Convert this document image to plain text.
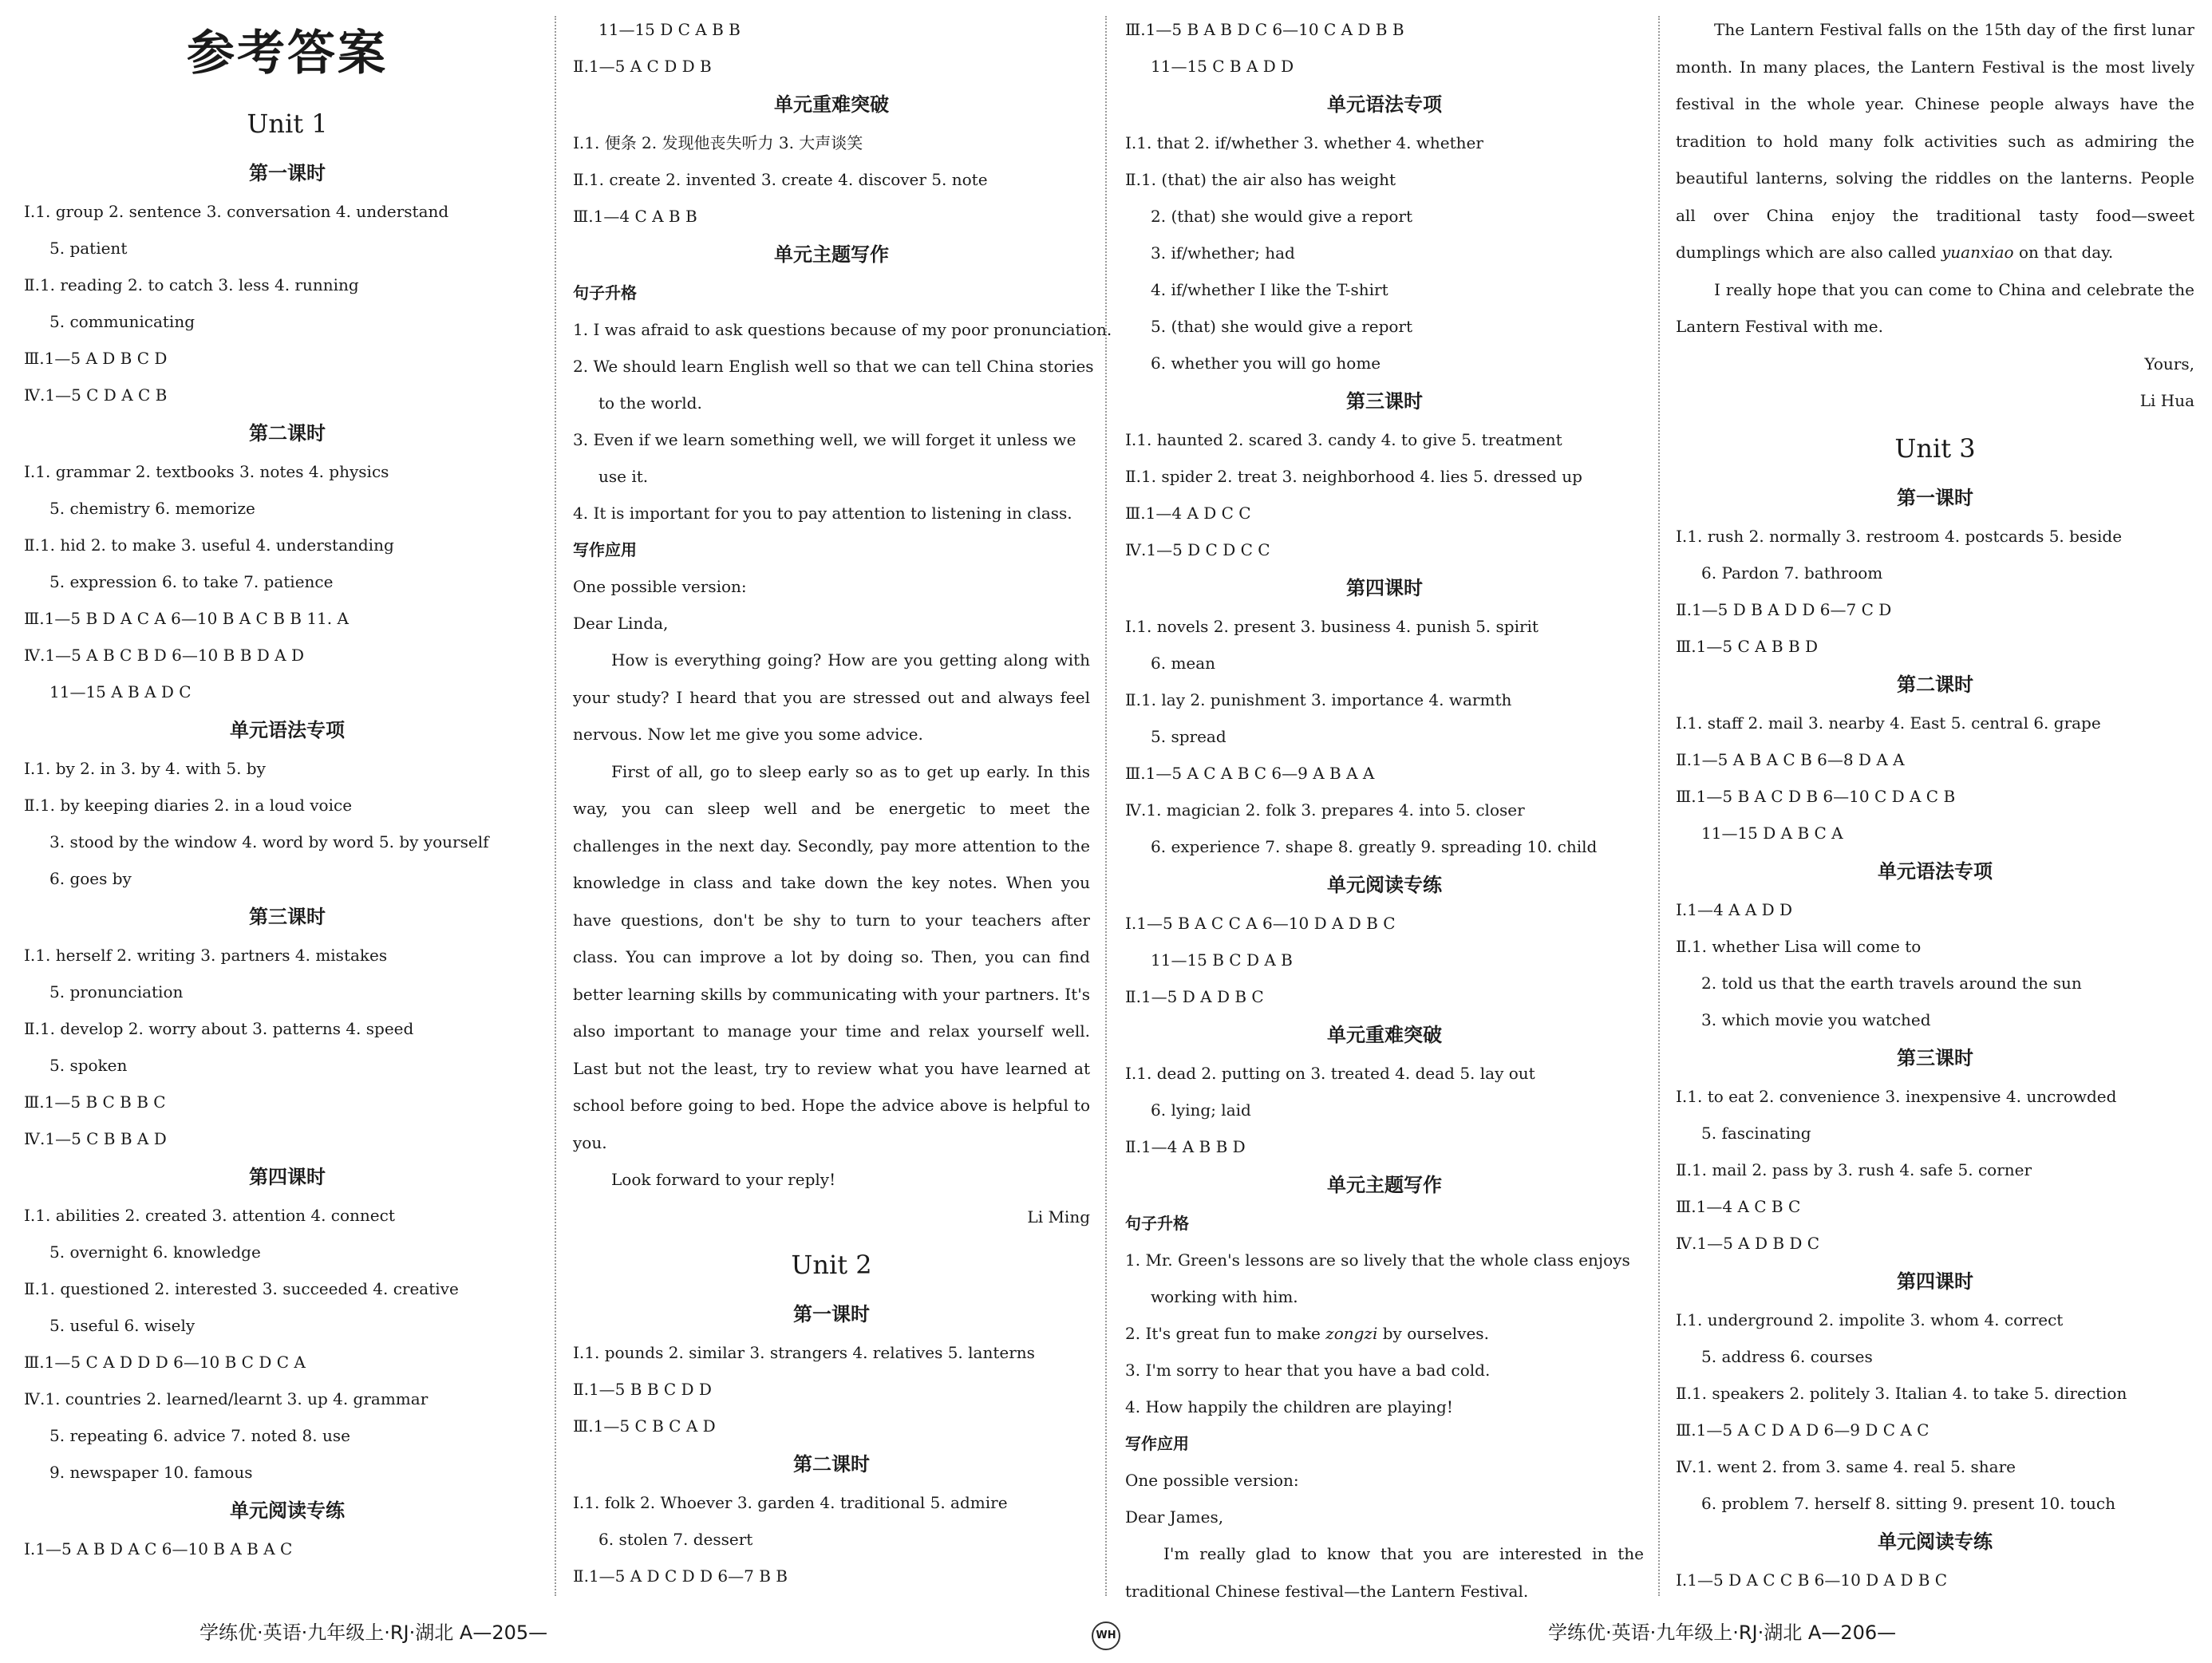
参考答案
Unit 1
第一课时
Ⅰ.1. group 2. sentence 3. conversation 4. understand
5. patient
Ⅱ.1. reading 2. to catch 3. less 4. running
5. communicating
Ⅲ.1—5 A D B C D
Ⅳ.1—5 C D A C B
第二课时
Ⅰ.1. grammar 2. textbooks 3. notes 4. physics
5. chemistry 6. memorize
Ⅱ.1. hid 2. to make 3. useful 4. understanding
5. expression 6. to take 7. patience
Ⅲ.1—5 B D A C A 6—10 B A C B B 11. A
Ⅳ.1—5 A B C B D 6—10 B B D A D
11—15 A B A D C
单元语法专项
Ⅰ.1. by 2. in 3. by 4. with 5. by
Ⅱ.1. by keeping diaries 2. in a loud voice
3. stood by the window 4. word by word 5. by yourself
6. goes by
第三课时
Ⅰ.1. herself 2. writing 3. partners 4. mistakes
5. pronunciation
Ⅱ.1. develop 2. worry about 3. patterns 4. speed
5. spoken
Ⅲ.1—5 B C B B C
Ⅳ.1—5 C B B A D
第四课时
Ⅰ.1. abilities 2. created 3. attention 4. connect
5. overnight 6. knowledge
Ⅱ.1. questioned 2. interested 3. succeeded 4. creative
5. useful 6. wisely
Ⅲ.1—5 C A D D D 6—10 B C D C A
Ⅳ.1. countries 2. learned/learnt 3. up 4. grammar
5. repeating 6. advice 7. noted 8. use
9. newspaper 10. famous
单元阅读专练
Ⅰ.1—5 A B D A C 6—10 B A B A C
11—15 D C A B B
Ⅱ.1—5 A C D D B
单元重难突破
Ⅰ.1. 便条 2. 发现他丧失听力 3. 大声谈笑
Ⅱ.1. create 2. invented 3. create 4. discover 5. note
Ⅲ.1—4 C A B B
单元主题写作
句子升格
1. I was afraid to ask questions because of my poor pronunciation.
2. We should learn English well so that we can tell China stories
to the world.
3. Even if we learn something well, we will forget it unless we
use it.
4. It is important for you to pay attention to listening in class.
写作应用
One possible version:
Dear Linda,
How is everything going? How are you getting along with your study? I heard that you are stressed out and always feel nervous. Now let me give you some advice.
First of all, go to sleep early so as to get up early. In this way, you can sleep well and be energetic to meet the challenges in the next day. Secondly, pay more attention to the knowledge in class and take down the key notes. When you have questions, don't be shy to turn to your teachers after class. You can improve a lot by doing so. Then, you can find better learning skills by communicating with your partners. It's also important to manage your time and relax yourself well. Last but not the least, try to review what you have learned at school before going to bed. Hope the advice above is helpful to you.
Look forward to your reply!
Li Ming
Unit 2
第一课时
Ⅰ.1. pounds 2. similar 3. strangers 4. relatives 5. lanterns
Ⅱ.1—5 B B C D D
Ⅲ.1—5 C B C A D
第二课时
Ⅰ.1. folk 2. Whoever 3. garden 4. traditional 5. admire
6. stolen 7. dessert
Ⅱ.1—5 A D C D D 6—7 B B
Ⅲ.1—5 B A B D C 6—10 C A D B B
11—15 C B A D D
单元语法专项
Ⅰ.1. that 2. if/whether 3. whether 4. whether
Ⅱ.1. (that) the air also has weight
2. (that) she would give a report
3. if/whether; had
4. if/whether I like the T-shirt
5. (that) she would give a report
6. whether you will go home
第三课时
Ⅰ.1. haunted 2. scared 3. candy 4. to give 5. treatment
Ⅱ.1. spider 2. treat 3. neighborhood 4. lies 5. dressed up
Ⅲ.1—4 A D C C
Ⅳ.1—5 D C D C C
第四课时
Ⅰ.1. novels 2. present 3. business 4. punish 5. spirit
6. mean
Ⅱ.1. lay 2. punishment 3. importance 4. warmth
5. spread
Ⅲ.1—5 A C A B C 6—9 A B A A
Ⅳ.1. magician 2. folk 3. prepares 4. into 5. closer
6. experience 7. shape 8. greatly 9. spreading 10. child
单元阅读专练
Ⅰ.1—5 B A C C A 6—10 D A D B C
11—15 B C D A B
Ⅱ.1—5 D A D B C
单元重难突破
Ⅰ.1. dead 2. putting on 3. treated 4. dead 5. lay out
6. lying; laid
Ⅱ.1—4 A B B D
单元主题写作
句子升格
1. Mr. Green's lessons are so lively that the whole class enjoys
working with him.
2. It's great fun to make zongzi by ourselves.
3. I'm sorry to hear that you have a bad cold.
4. How happily the children are playing!
写作应用
One possible version:
Dear James,
I'm really glad to know that you are interested in the traditional Chinese festival—the Lantern Festival.
The Lantern Festival falls on the 15th day of the first lunar month. In many places, the Lantern Festival is the most lively festival in the whole year. Chinese people always have the tradition to hold many folk activities such as admiring the beautiful lanterns, solving the riddles on the lanterns. People all over China enjoy the traditional tasty food—sweet dumplings which are also called yuanxiao on that day.
I really hope that you can come to China and celebrate the Lantern Festival with me.
Yours,
Li Hua
Unit 3
第一课时
Ⅰ.1. rush 2. normally 3. restroom 4. postcards 5. beside
6. Pardon 7. bathroom
Ⅱ.1—5 D B A D D 6—7 C D
Ⅲ.1—5 C A B B D
第二课时
Ⅰ.1. staff 2. mail 3. nearby 4. East 5. central 6. grape
Ⅱ.1—5 A B A C B 6—8 D A A
Ⅲ.1—5 B A C D B 6—10 C D A C B
11—15 D A B C A
单元语法专项
Ⅰ.1—4 A A D D
Ⅱ.1. whether Lisa will come to
2. told us that the earth travels around the sun
3. which movie you watched
第三课时
Ⅰ.1. to eat 2. convenience 3. inexpensive 4. uncrowded
5. fascinating
Ⅱ.1. mail 2. pass by 3. rush 4. safe 5. corner
Ⅲ.1—4 A C B C
Ⅳ.1—5 A D B D C
第四课时
Ⅰ.1. underground 2. impolite 3. whom 4. correct
5. address 6. courses
Ⅱ.1. speakers 2. politely 3. Italian 4. to take 5. direction
Ⅲ.1—5 A C D A D 6—9 D C A C
Ⅳ.1. went 2. from 3. same 4. real 5. share
6. problem 7. herself 8. sitting 9. present 10. touch
单元阅读专练
Ⅰ.1—5 D A C C B 6—10 D A D B C
学练优·英语·九年级上·RJ·湖北 A—205—	WH	学练优·英语·九年级上·RJ·湖北 A—206—
